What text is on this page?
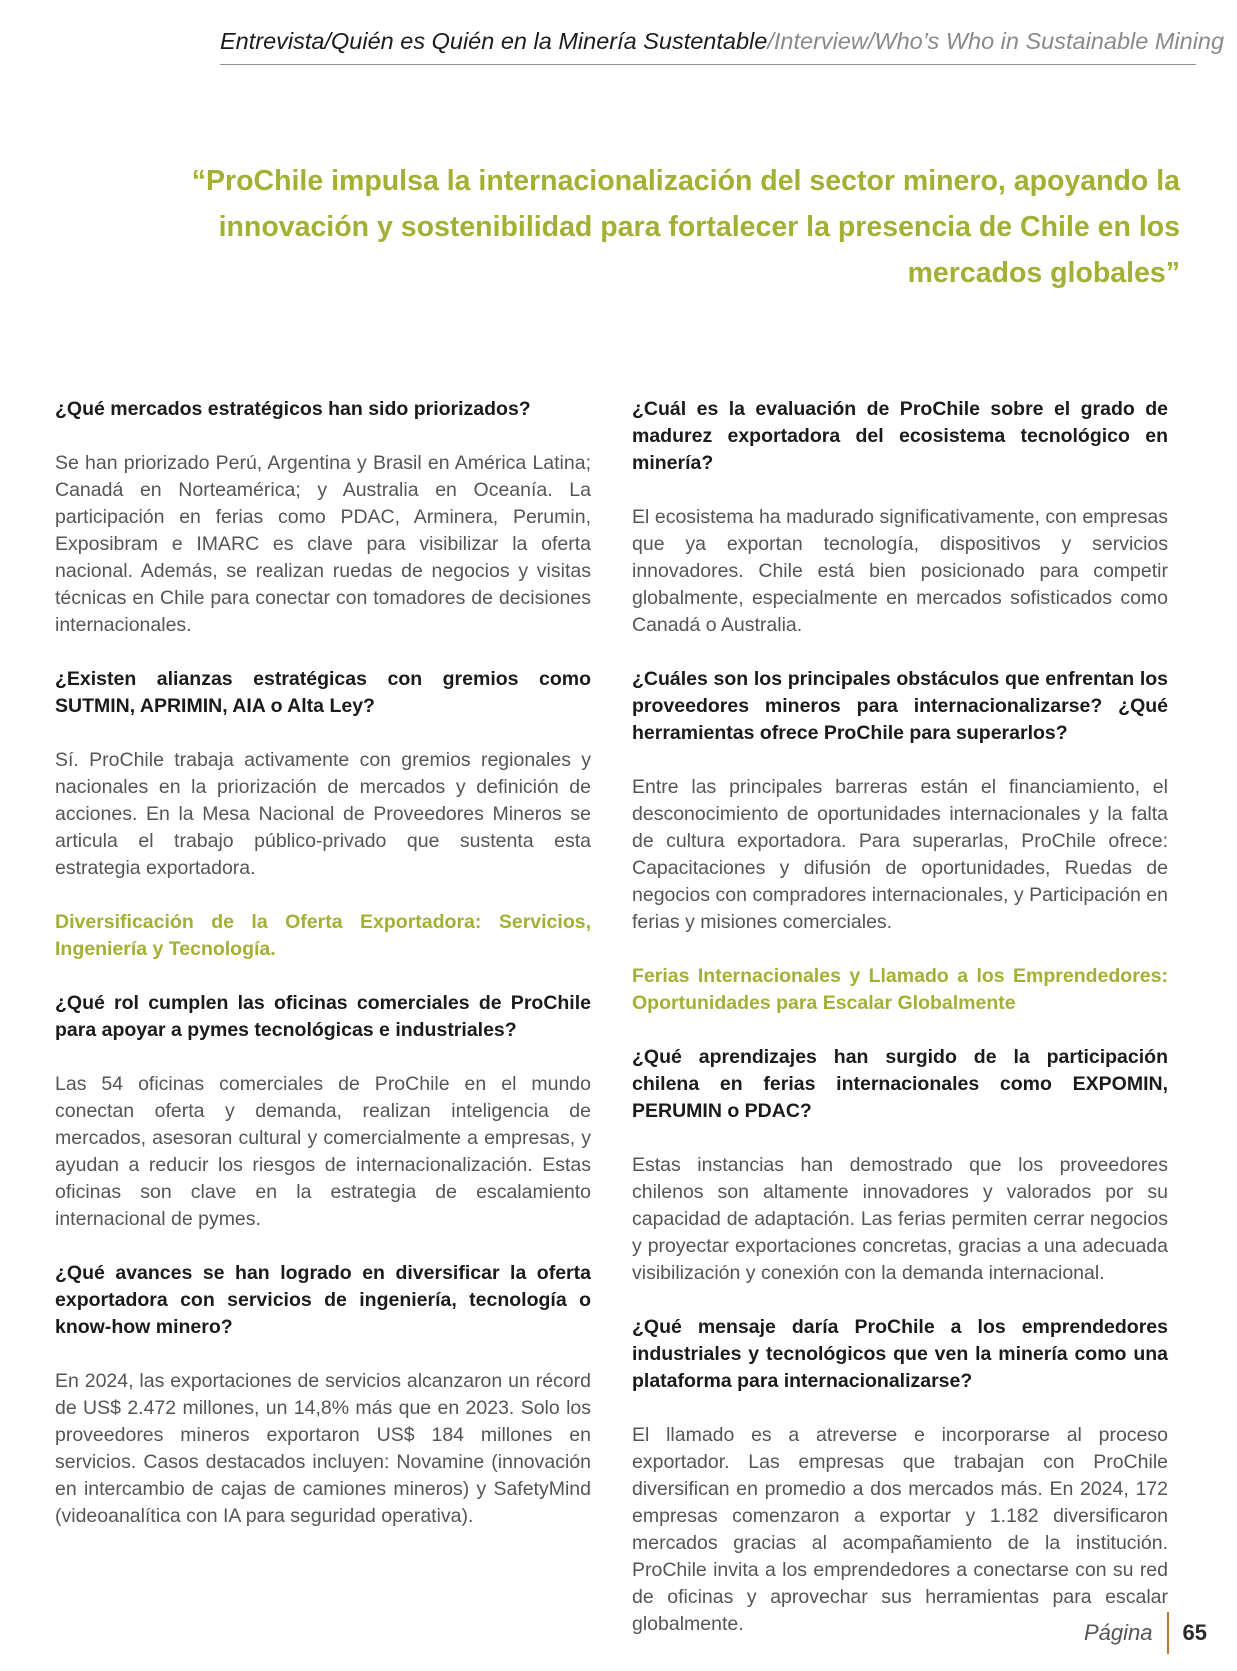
Entrevista/Quién es Quién en la Minería Sustentable/Interview/Who’s Who in Sustainable Mining
“ProChile impulsa la internacionalización del sector minero, apoyando la innovación y sostenibilidad para fortalecer la presencia de Chile en los mercados globales”

¿Qué mercados estratégicos han sido priorizados?

Se han priorizado Perú, Argentina y Brasil en América Latina; Canadá en Norteamérica; y Australia en Oceanía. La participación en ferias como PDAC, Arminera, Perumin, Exposibram e IMARC es clave para visibilizar la oferta nacional. Además, se realizan ruedas de negocios y visitas técnicas en Chile para conectar con tomadores de decisiones internacionales.

¿Existen alianzas estratégicas con gremios como SUTMIN, APRIMIN, AIA o Alta Ley?

Sí. ProChile trabaja activamente con gremios regionales y nacionales en la priorización de mercados y definición de acciones. En la Mesa Nacional de Proveedores Mineros se articula el trabajo público-privado que sustenta esta estrategia exportadora.

Diversificación de la Oferta Exportadora: Servicios, Ingeniería y Tecnología.

¿Qué rol cumplen las oficinas comerciales de ProChile para apoyar a pymes tecnológicas e industriales?

Las 54 oficinas comerciales de ProChile en el mundo conectan oferta y demanda, realizan inteligencia de mercados, asesoran cultural y comercialmente a empresas, y ayudan a reducir los riesgos de internacionalización. Estas oficinas son clave en la estrategia de escalamiento internacional de pymes.

¿Qué avances se han logrado en diversificar la oferta exportadora con servicios de ingeniería, tecnología o know-how minero?

En 2024, las exportaciones de servicios alcanzaron un récord de US$ 2.472 millones, un 14,8% más que en 2023. Solo los proveedores mineros exportaron US$ 184 millones en servicios. Casos destacados incluyen: Novamine (innovación en intercambio de cajas de camiones mineros) y SafetyMind (videoanalítica con IA para seguridad operativa).

¿Cuál es la evaluación de ProChile sobre el grado de madurez exportadora del ecosistema tecnológico en minería?

El ecosistema ha madurado significativamente, con empresas que ya exportan tecnología, dispositivos y servicios innovadores. Chile está bien posicionado para competir globalmente, especialmente en mercados sofisticados como Canadá o Australia.

¿Cuáles son los principales obstáculos que enfrentan los proveedores mineros para internacionalizarse? ¿Qué herramientas ofrece ProChile para superarlos?

Entre las principales barreras están el financiamiento, el desconocimiento de oportunidades internacionales y la falta de cultura exportadora. Para superarlas, ProChile ofrece: Capacitaciones y difusión de oportunidades, Ruedas de negocios con compradores internacionales, y Participación en ferias y misiones comerciales.

Ferias Internacionales y Llamado a los Emprendedores: Oportunidades para Escalar Globalmente

¿Qué aprendizajes han surgido de la participación chilena en ferias internacionales como EXPOMIN, PERUMIN o PDAC?

Estas instancias han demostrado que los proveedores chilenos son altamente innovadores y valorados por su capacidad de adaptación. Las ferias permiten cerrar negocios y proyectar exportaciones concretas, gracias a una adecuada visibilización y conexión con la demanda internacional.

¿Qué mensaje daría ProChile a los emprendedores industriales y tecnológicos que ven la minería como una plataforma para internacionalizarse?

El llamado es a atreverse e incorporarse al proceso exportador. Las empresas que trabajan con ProChile diversifican en promedio a dos mercados más. En 2024, 172 empresas comenzaron a exportar y 1.182 diversificaron mercados gracias al acompañamiento de la institución. ProChile invita a los emprendedores a conectarse con su red de oficinas y aprovechar sus herramientas para escalar globalmente.	Página 65
